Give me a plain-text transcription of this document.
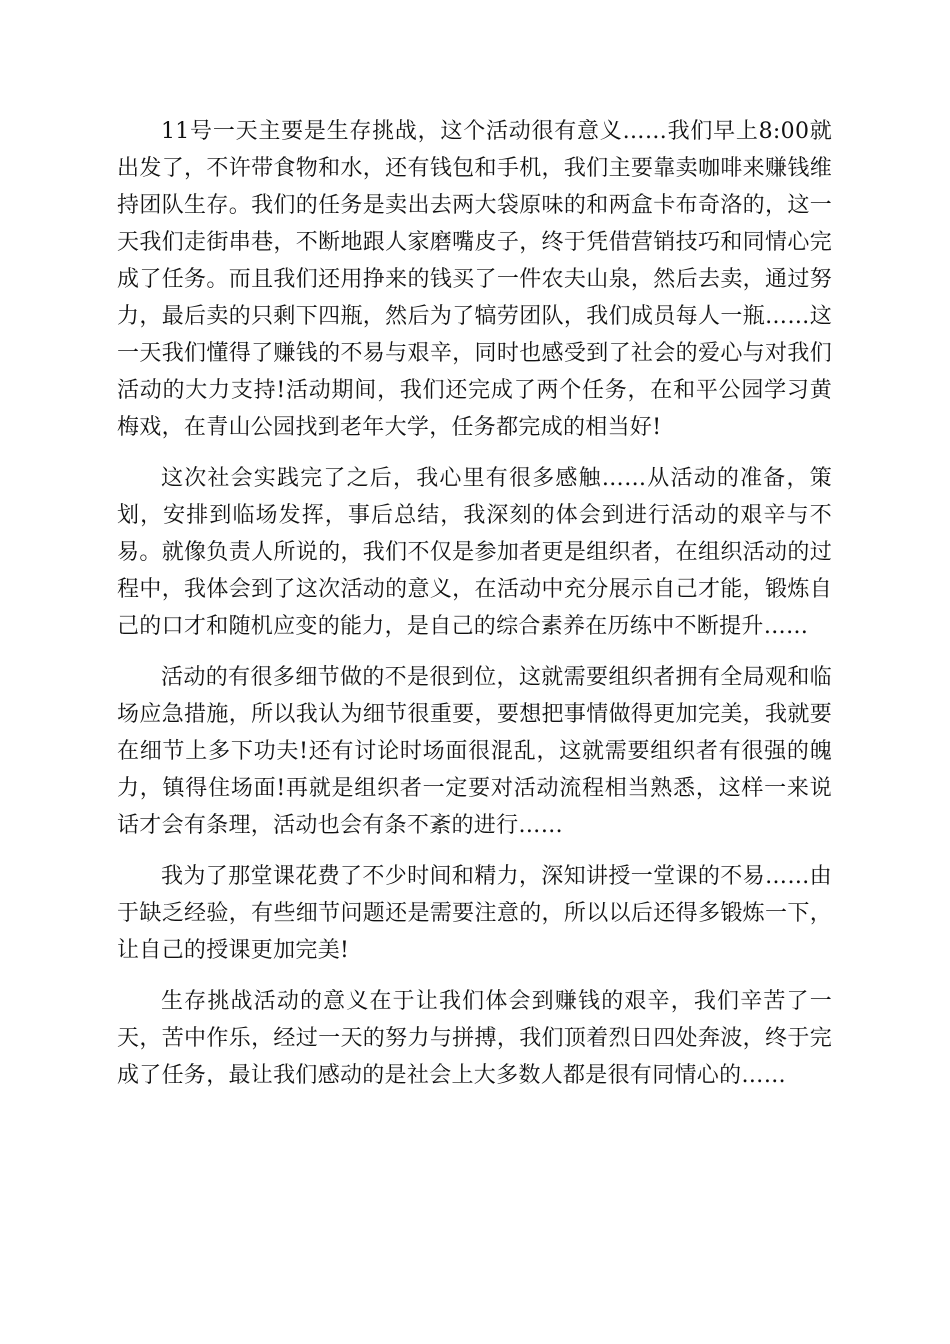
11号一天主要是生存挑战，这个活动很有意义……我们早上8:00就出发了，不许带食物和水，还有钱包和手机，我们主要靠卖咖啡来赚钱维持团队生存。我们的任务是卖出去两大袋原味的和两盒卡布奇洛的，这一天我们走街串巷，不断地跟人家磨嘴皮子，终于凭借营销技巧和同情心完成了任务。而且我们还用挣来的钱买了一件农夫山泉，然后去卖，通过努力，最后卖的只剩下四瓶，然后为了犒劳团队，我们成员每人一瓶……这一天我们懂得了赚钱的不易与艰辛，同时也感受到了社会的爱心与对我们活动的大力支持!活动期间，我们还完成了两个任务，在和平公园学习黄梅戏，在青山公园找到老年大学，任务都完成的相当好!

这次社会实践完了之后，我心里有很多感触……从活动的准备，策划，安排到临场发挥，事后总结，我深刻的体会到进行活动的艰辛与不易。就像负责人所说的，我们不仅是参加者更是组织者，在组织活动的过程中，我体会到了这次活动的意义，在活动中充分展示自己才能，锻炼自己的口才和随机应变的能力，是自己的综合素养在历练中不断提升……

活动的有很多细节做的不是很到位，这就需要组织者拥有全局观和临场应急措施，所以我认为细节很重要，要想把事情做得更加完美，我就要在细节上多下功夫!还有讨论时场面很混乱，这就需要组织者有很强的魄力，镇得住场面!再就是组织者一定要对活动流程相当熟悉，这样一来说话才会有条理，活动也会有条不紊的进行……

我为了那堂课花费了不少时间和精力，深知讲授一堂课的不易……由于缺乏经验，有些细节问题还是需要注意的，所以以后还得多锻炼一下，让自己的授课更加完美!

生存挑战活动的意义在于让我们体会到赚钱的艰辛，我们辛苦了一天，苦中作乐，经过一天的努力与拼搏，我们顶着烈日四处奔波，终于完成了任务，最让我们感动的是社会上大多数人都是很有同情心的……
